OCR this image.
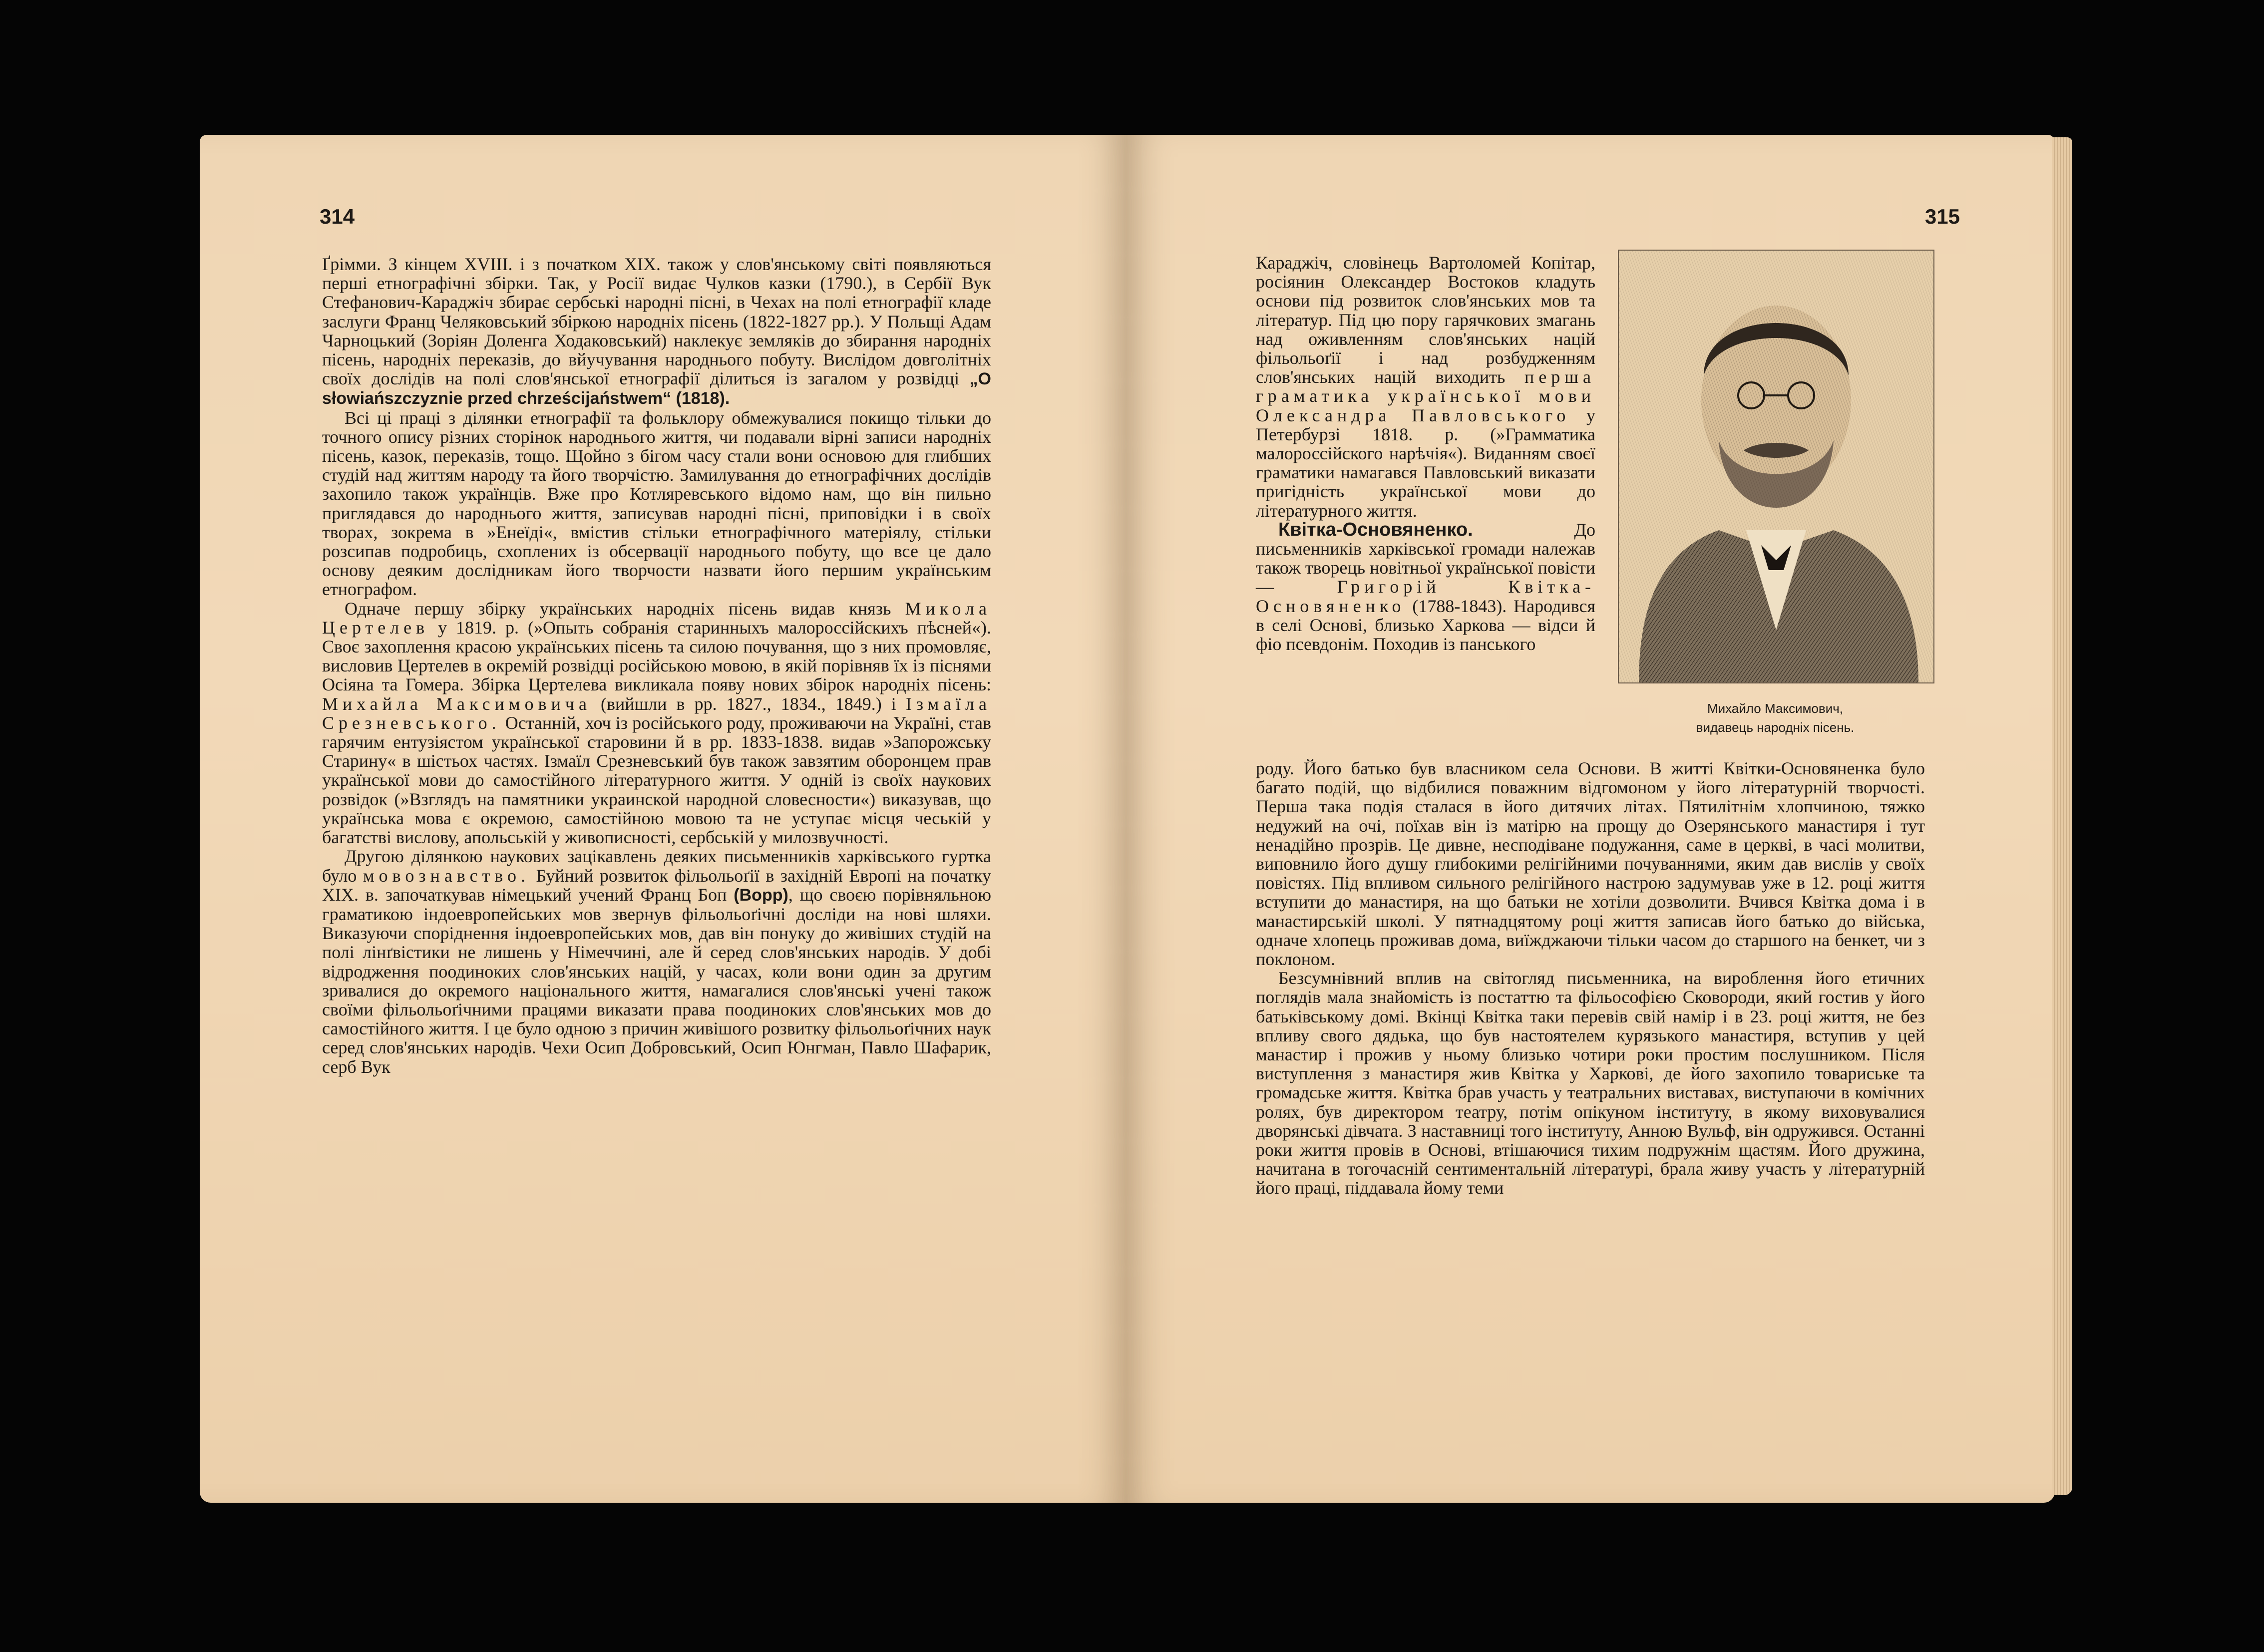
314

Ґрімми. З кінцем XVIII. і з початком XIX. також у слов'янському світі появляються перші етнографічні збірки. Так, у Росії видає Чулков казки (1790.), в Сербії Вук Стефанович-Караджіч збирає сербські народні пісні, в Чехах на полі етнографії кладе заслуги Франц Челяковський збіркою народніх пісень (1822-1827 pp.). У Польщі Адам Чарноцький (Зоріян Доленга Ходаковський) наклекує земляків до збирання народніх пісень, народніх переказів, до вйучування народнього побуту. Вислідом довголітніх своїх дослідів на полі слов'янської етнографії ділиться із загалом у розвідці „O słowiańszczyznie przed chrześcijaństwem“ (1818).

Всі ці праці з ділянки етнографії та фольклору обмежувалися покищо тільки до точного опису різних сторінок народнього життя, чи подавали вірні записи народніх пісень, казок, переказів, тощо. Щойно з бігом часу стали вони основою для глибших студій над життям народу та його творчістю. Замилування до етнографічних дослідів захопило також українців. Вже про Котляревського відомо нам, що він пильно приглядався до народнього життя, записував народні пісні, приповідки і в своїх творах, зокрема в »Енеїді«, вмістив стільки етнографічного матеріялу, стільки розсипав подробиць, схоплених із обсервації народнього побуту, що все це дало основу деяким дослідникам його творчости назвати його першим українським етнографом.

Одначе першу збірку українських народніх пісень видав князь Микола Цертелев у 1819. р. (»Опыть собранія старинныхъ малороссійскихъ пѣсней«). Своє захоплення красою українських пісень та силою почування, що з них промовляє, висловив Цертелев в окремій розвідці російською мовою, в якій порівняв їх із піснями Осіяна та Гомера. Збірка Цертелева викликала появу нових збірок народніх пісень: Михайла Максимовича (вийшли в pp. 1827., 1834., 1849.) і Ізмаїла Срезневського. Останній, хоч із російського роду, проживаючи на Україні, став гарячим ентузіястом української старовини й в pp. 1833-1838. видав »Запорожську Старину« в шістьох частях. Ізмаїл Срезневський був також завзятим оборонцем прав української мови до самостійного літературного життя. У одній із своїх наукових розвідок (»Взглядъ на памятники украинской народной словесности«) виказував, що українська мова є окремою, самостійною мовою та не уступає місця чеській у багатстві вислову, апольській у живописності, сербській у милозвучності.

Другою ділянкою наукових зацікавлень деяких письменників харківського гуртка було мовознавство. Буйний розвиток фільольоґії в західній Европі на початку XIX. в. започаткував німецький учений Франц Боп (Bopp), що своєю порівняльною граматикою індоевропейських мов звернув фільольоґічні досліди на нові шляхи. Виказуючи споріднення індоевропейських мов, дав він понуку до живіших студій на полі лінґвістики не лишень у Німеччині, але й серед слов'янських народів. У добі відродження поодиноких слов'янських націй, у часах, коли вони один за другим зривалися до окремого національного життя, намагалися слов'янські учені також своїми фільольоґічними працями виказати права поодиноких слов'янських мов до самостійного життя. І це було одною з причин живішого розвитку фільольоґічних наук серед слов'янських народів. Чехи Осип Добровський, Осип Юнгман, Павло Шафарик, серб Вук

315

Караджіч, словінець Вартоломей Копітар, росіянин Олександер Востоков кладуть основи під розвиток слов'янських мов та літератур. Під цю пору гарячкових змагань над оживленням слов'янських націй фільольоґії і над розбудженням слов'янських націй виходить перша граматика української мови Олександра Павловського у Петербурзі 1818. р. (»Грамматика малороссійского нарѣчія«). Виданням своєї граматики намагався Павловський виказати пригідність української мови до літературного життя.

Квітка-Основяненко. До письменників харківської громади належав також творець новітньої української повісти — Григорій Квітка-Основяненко (1788-1843). Народився в селі Основі, близько Харкова — відси й фіо псевдонім. Походив із панського

Михайло Максимович,
видавець народніх пісень.

роду. Його батько був власником села Основи. В житті Квітки-Основяненка було багато подій, що відбилися поважним відгомоном у його літературній творчості. Перша така подія сталася в його дитячих літах. Пятилітнім хлопчиною, тяжко недужий на очі, поїхав він із матірю на прощу до Озерянського манастиря і тут ненадійно прозрів. Це дивне, несподіване подужання, саме в церкві, в часі молитви, виповнило його душу глибокими релігійними почуваннями, яким дав вислів у своїх повістях. Під впливом сильного релігійного настрою задумував уже в 12. році життя вступити до манастиря, на що батьки не хотіли дозволити. Вчився Квітка дома і в манастирській школі. У пятнадцятому році життя записав його батько до війська, одначе хлопець проживав дома, виїжджаючи тільки часом до старшого на бенкет, чи з поклоном.

Безсумнівний вплив на світогляд письменника, на вироблення його етичних поглядів мала знайомість із постаттю та фільософією Сковороди, який гостив у його батьківському домі. Вкінці Квітка таки перевів свій намір і в 23. році життя, не без впливу свого дядька, що був настоятелем курязького манастиря, вступив у цей манастир і прожив у ньому близько чотири роки простим послушником. Після виступлення з манастиря жив Квітка у Харкові, де його захопило товариське та громадське життя. Квітка брав участь у театральних виставах, виступаючи в комічних ролях, був директором театру, потім опікуном інституту, в якому виховувалися дворянські дівчата. З наставниці того інституту, Анною Вульф, він одружився. Останні роки життя провів в Основі, втішаючися тихим подружнім щастям. Його дружина, начитана в тогочасній сентиментальній літературі, брала живу участь у літературній його праці, піддавала йому теми
